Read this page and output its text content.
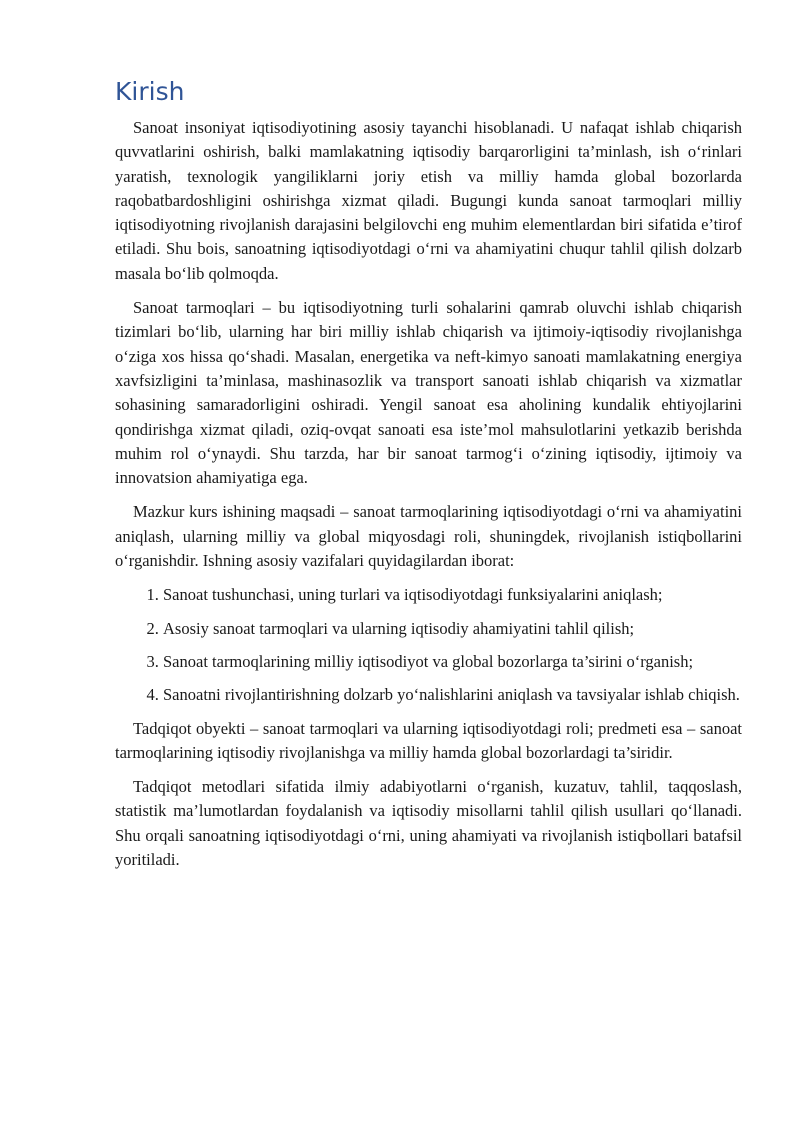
Kirish

Sanoat insoniyat iqtisodiyotining asosiy tayanchi hisoblanadi. U nafaqat ishlab chiqarish quvvatlarini oshirish, balki mamlakatning iqtisodiy barqarorligini ta’minlash, ish o‘rinlari yaratish, texnologik yangiliklarni joriy etish va milliy hamda global bozorlarda raqobatbardoshligini oshirishga xizmat qiladi. Bugungi kunda sanoat tarmoqlari milliy iqtisodiyotning rivojlanish darajasini belgilovchi eng muhim elementlardan biri sifatida e’tirof etiladi. Shu bois, sanoatning iqtisodiyotdagi o‘rni va ahamiyatini chuqur tahlil qilish dolzarb masala bo‘lib qolmoqda.

Sanoat tarmoqlari – bu iqtisodiyotning turli sohalarini qamrab oluvchi ishlab chiqarish tizimlari bo‘lib, ularning har biri milliy ishlab chiqarish va ijtimoiy-iqtisodiy rivojlanishga o‘ziga xos hissa qo‘shadi. Masalan, energetika va neft-kimyo sanoati mamlakatning energiya xavfsizligini ta’minlasa, mashinasozlik va transport sanoati ishlab chiqarish va xizmatlar sohasining samaradorligini oshiradi. Yengil sanoat esa aholining kundalik ehtiyojlarini qondirishga xizmat qiladi, oziq-ovqat sanoati esa iste’mol mahsulotlarini yetkazib berishda muhim rol o‘ynaydi. Shu tarzda, har bir sanoat tarmog‘i o‘zining iqtisodiy, ijtimoiy va innovatsion ahamiyatiga ega.

Mazkur kurs ishining maqsadi – sanoat tarmoqlarining iqtisodiyotdagi o‘rni va ahamiyatini aniqlash, ularning milliy va global miqyosdagi roli, shuningdek, rivojlanish istiqbollarini o‘rganishdir. Ishning asosiy vazifalari quyidagilardan iborat:

1. Sanoat tushunchasi, uning turlari va iqtisodiyotdagi funksiyalarini aniqlash;
2. Asosiy sanoat tarmoqlari va ularning iqtisodiy ahamiyatini tahlil qilish;
3. Sanoat tarmoqlarining milliy iqtisodiyot va global bozorlarga ta’sirini o‘rganish;
4. Sanoatni rivojlantirishning dolzarb yo‘nalishlarini aniqlash va tavsiyalar ishlab chiqish.

Tadqiqot obyekti – sanoat tarmoqlari va ularning iqtisodiyotdagi roli; predmeti esa – sanoat tarmoqlarining iqtisodiy rivojlanishga va milliy hamda global bozorlardagi ta’siridir.

Tadqiqot metodlari sifatida ilmiy adabiyotlarni o‘rganish, kuzatuv, tahlil, taqqoslash, statistik ma’lumotlardan foydalanish va iqtisodiy misollarni tahlil qilish usullari qo‘llanadi. Shu orqali sanoatning iqtisodiyotdagi o‘rni, uning ahamiyati va rivojlanish istiqbollari batafsil yoritiladi.
